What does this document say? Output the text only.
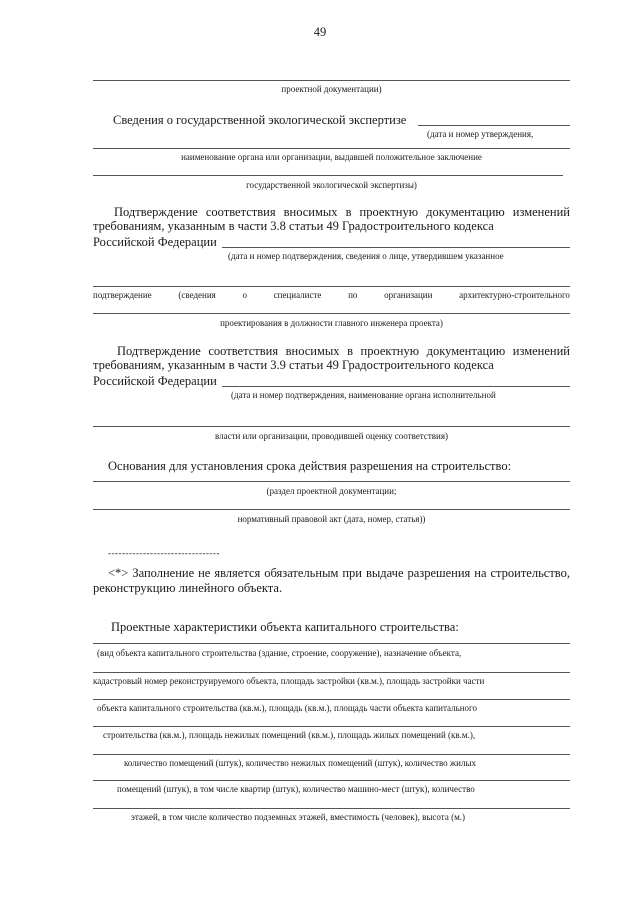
49
проектной документации)
Сведения о государственной экологической экспертизе
(дата и номер утверждения,
наименование органа или организации, выдавшей положительное заключение
государственной экологической экспертизы)
Подтверждение соответствия вносимых в проектную документацию изменений требованиям, указанным в части 3.8 статьи 49 Градостроительного кодекса
Российской Федерации
(дата и номер подтверждения, сведения о лице, утвердившем указанное
подтверждение	(сведения	о	специалисте	по	организации	архитектурно-строительного
проектирования в должности главного инженера проекта)
Подтверждение соответствия вносимых в проектную документацию изменений требованиям, указанным в части 3.9 статьи 49 Градостроительного кодекса
Российской Федерации
(дата и номер подтверждения, наименование органа исполнительной
власти или организации, проводившей оценку соответствия)
Основания для установления срока действия разрешения на строительство:
(раздел проектной документации;
нормативный правовой акт (дата, номер, статья))
--------------------------------
<*> Заполнение не является обязательным при выдаче разрешения на строительство, реконструкцию линейного объекта.
Проектные характеристики объекта капитального строительства:
(вид объекта капитального строительства (здание, строение, сооружение), назначение объекта,
кадастровый номер реконструируемого объекта, площадь застройки (кв.м.), площадь застройки части
объекта капитального строительства (кв.м.), площадь (кв.м.), площадь части объекта капитального
строительства (кв.м.), площадь нежилых помещений (кв.м.), площадь жилых помещений (кв.м.),
количество помещений (штук), количество нежилых помещений (штук), количество жилых
помещений (штук), в том числе квартир (штук), количество машино-мест (штук), количество
этажей, в том числе количество подземных этажей, вместимость (человек), высота (м.)
